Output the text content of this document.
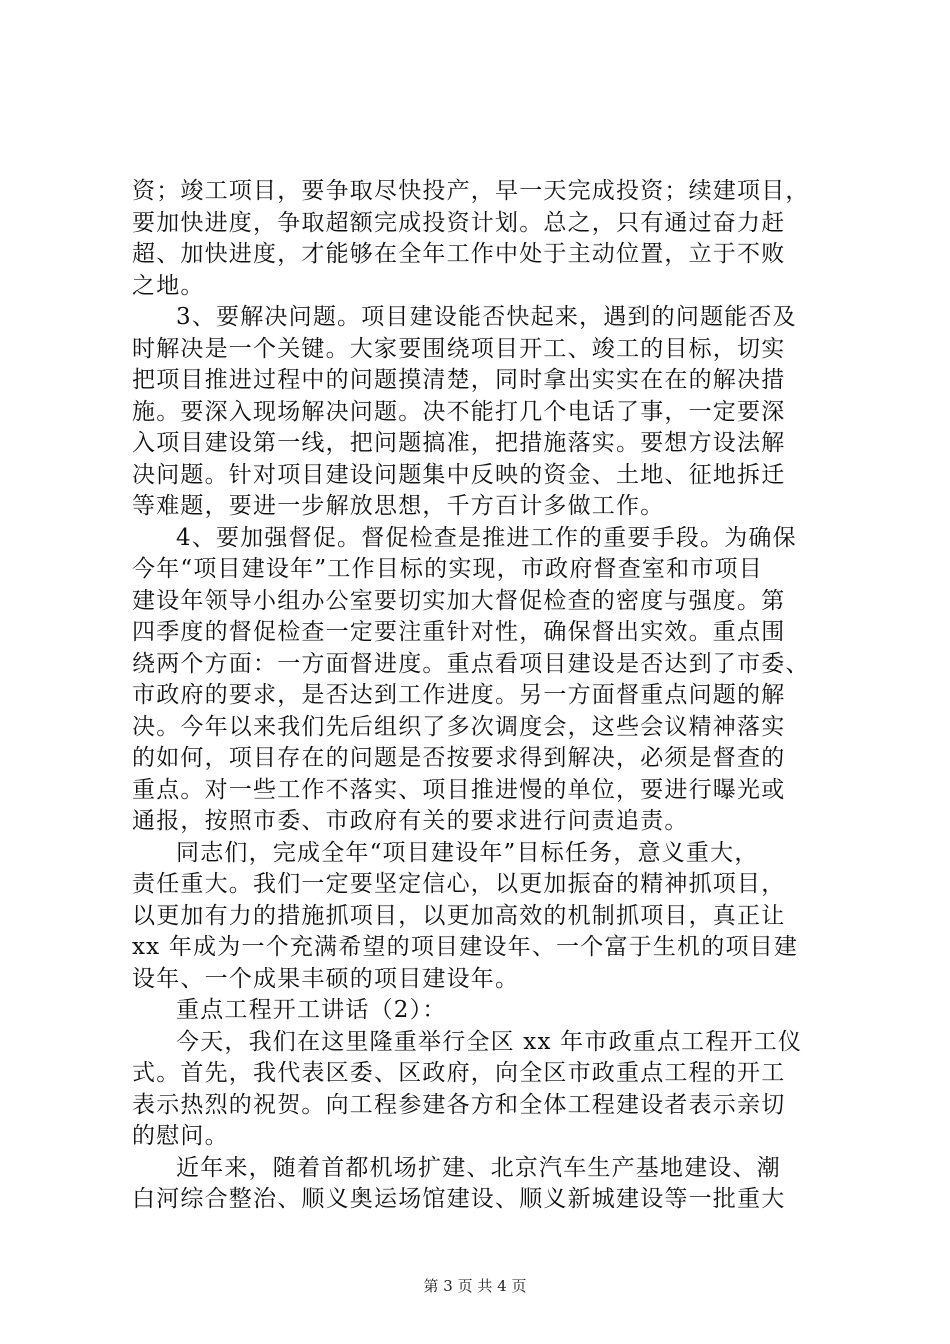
资；竣工项目，要争取尽快投产，早一天完成投资；续建项目，
要加快进度，争取超额完成投资计划。总之，只有通过奋力赶
超、加快进度，才能够在全年工作中处于主动位置，立于不败
之地。
3、要解决问题。项目建设能否快起来，遇到的问题能否及
时解决是一个关键。大家要围绕项目开工、竣工的目标，切实
把项目推进过程中的问题摸清楚，同时拿出实实在在的解决措
施。要深入现场解决问题。决不能打几个电话了事，一定要深
入项目建设第一线，把问题搞准，把措施落实。要想方设法解
决问题。针对项目建设问题集中反映的资金、土地、征地拆迁
等难题，要进一步解放思想，千方百计多做工作。
4、要加强督促。督促检查是推进工作的重要手段。为确保
今年“项目建设年”工作目标的实现，市政府督查室和市项目
建设年领导小组办公室要切实加大督促检查的密度与强度。第
四季度的督促检查一定要注重针对性，确保督出实效。重点围
绕两个方面：一方面督进度。重点看项目建设是否达到了市委、
市政府的要求，是否达到工作进度。另一方面督重点问题的解
决。今年以来我们先后组织了多次调度会，这些会议精神落实
的如何，项目存在的问题是否按要求得到解决，必须是督查的
重点。对一些工作不落实、项目推进慢的单位，要进行曝光或
通报，按照市委、市政府有关的要求进行问责追责。
同志们，完成全年“项目建设年”目标任务，意义重大，
责任重大。我们一定要坚定信心，以更加振奋的精神抓项目，
以更加有力的措施抓项目，以更加高效的机制抓项目，真正让
xx 年成为一个充满希望的项目建设年、一个富于生机的项目建
设年、一个成果丰硕的项目建设年。
重点工程开工讲话（2）：
今天，我们在这里隆重举行全区 xx 年市政重点工程开工仪
式。首先，我代表区委、区政府，向全区市政重点工程的开工
表示热烈的祝贺。向工程参建各方和全体工程建设者表示亲切
的慰问。
近年来，随着首都机场扩建、北京汽车生产基地建设、潮
白河综合整治、顺义奥运场馆建设、顺义新城建设等一批重大
第 3 页 共 4 页
